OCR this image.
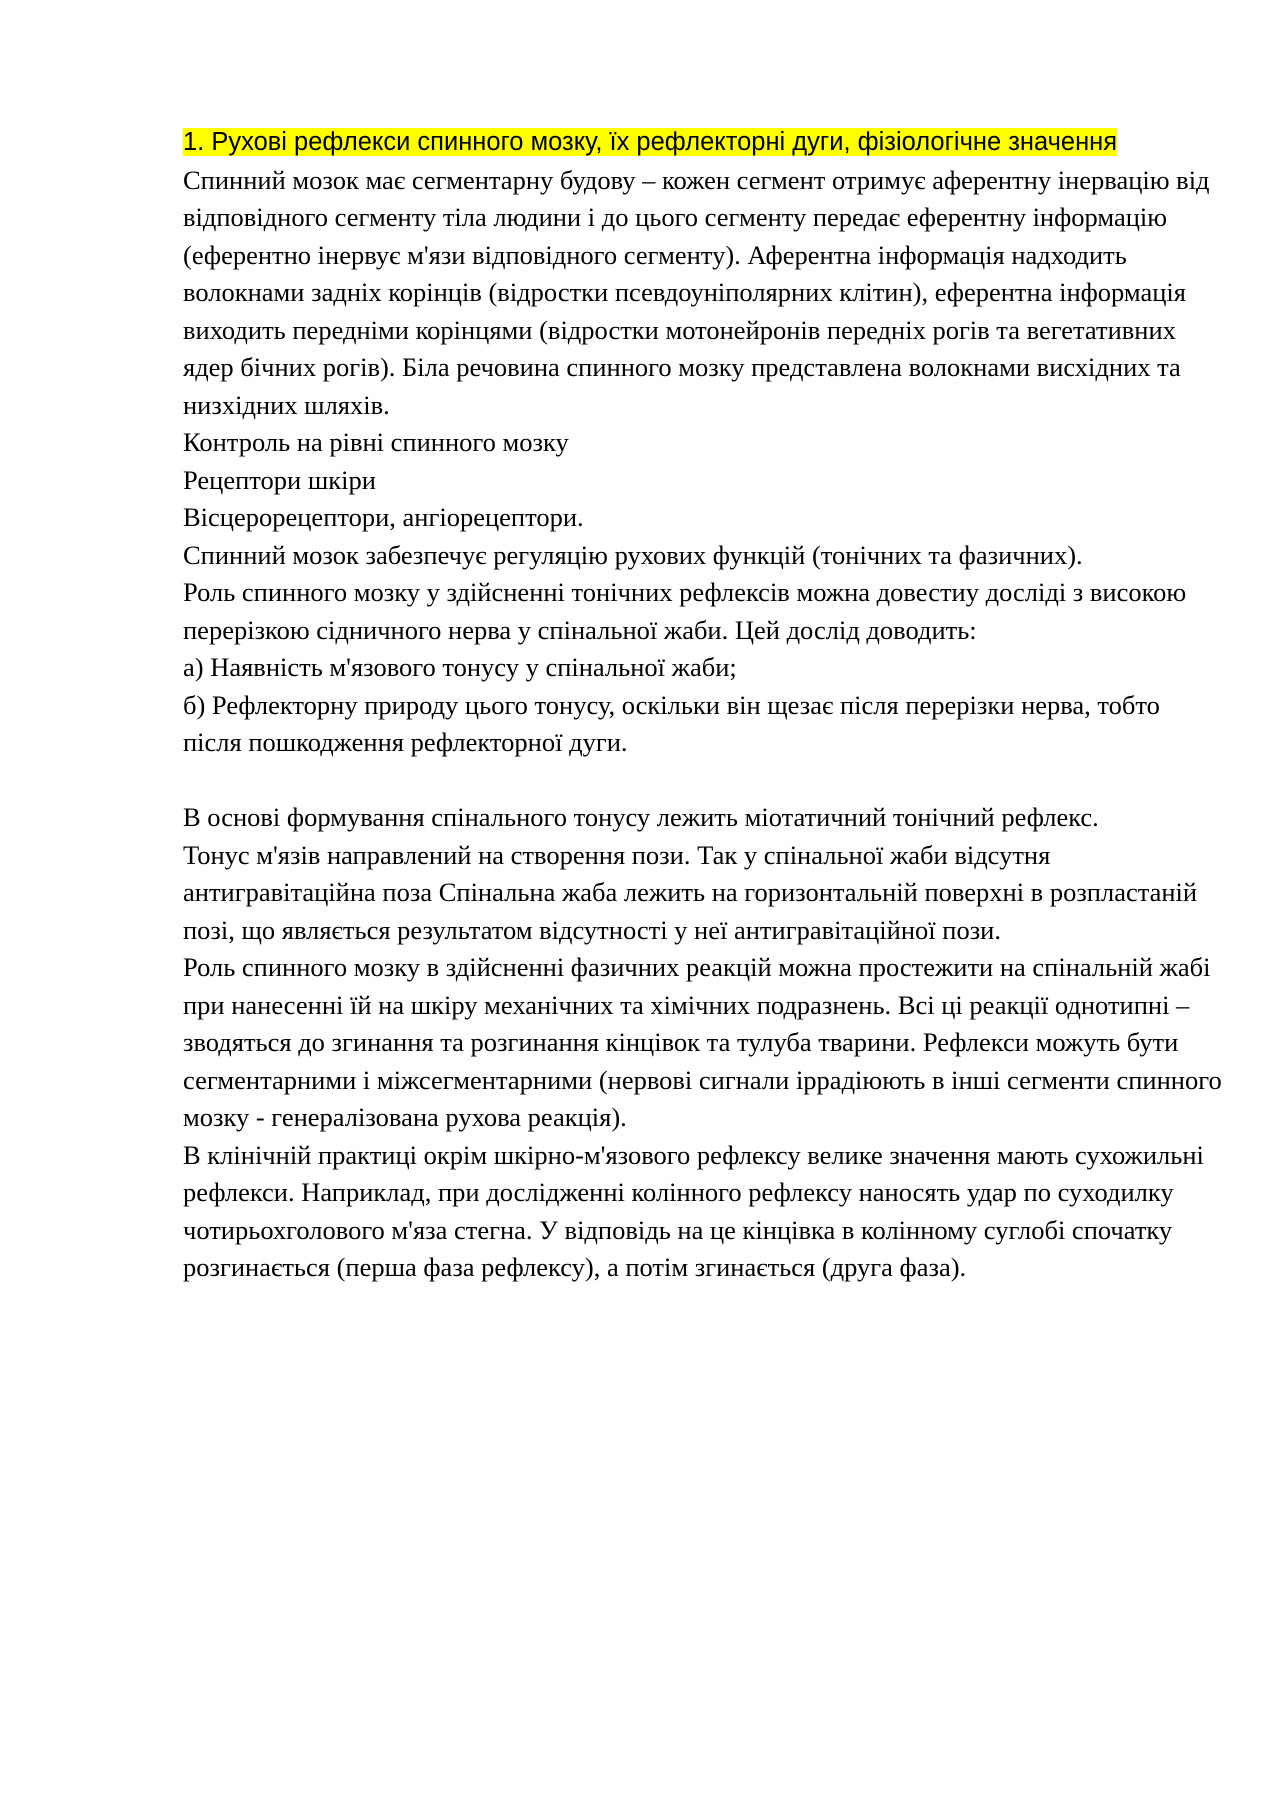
1. Рухові рефлекси спинного мозку, їх рефлекторні дуги, фізіологічне значення

Спинний мозок має сегментарну будову – кожен сегмент отримує аферентну інервацію від відповідного сегменту тіла людини і до цього сегменту передає еферентну інформацію (еферентно інервує м'язи відповідного сегменту). Аферентна інформація надходить волокнами задніх корінців (відростки псевдоуніполярних клітин), еферентна інформація виходить передніми корінцями (відростки мотонейронів передніх рогів та вегетативних ядер бічних рогів). Біла речовина спинного мозку представлена волокнами висхідних та низхідних шляхів.

Контроль на рівні спинного мозку

Рецептори шкіри

Вісцерорецептори, ангіорецептори.

Спинний мозок забезпечує регуляцію рухових функцій (тонічних та фазичних).

Роль спинного мозку у здійсненні тонічних рефлексів можна довестиу досліді з високою перерізкою сідничного нерва у спінальної жаби. Цей дослід доводить:

а) Наявність м'язового тонусу у спінальної жаби;

б) Рефлекторну природу цього тонусу, оскільки він щезає після перерізки нерва, тобто після пошкодження рефлекторної дуги.

В основі формування спінального тонусу лежить міотатичний тонічний рефлекс.

Тонус м'язів направлений на створення пози. Так у спінальної жаби відсутня антигравітаційна поза Спінальна жаба лежить на горизонтальній поверхні в розпластаній позі, що являється результатом відсутності у неї антигравітаційної пози.

Роль спинного мозку в здійсненні фазичних реакцій можна простежити на спінальній жабі при нанесенні їй на шкіру механічних та хімічних подразнень. Всі ці реакції однотипні – зводяться до згинання та розгинання кінцівок та тулуба тварини. Рефлекси можуть бути сегментарними і міжсегментарними (нервові сигнали іррадіюють в інші сегменти спинного мозку - генералізована рухова реакція).

В клінічній практиці окрім шкірно-м'язового рефлексу велике значення мають сухожильні рефлекси. Наприклад, при дослідженні колінного рефлексу наносять удар по суходилку чотирьохголового м'яза стегна. У відповідь на це кінцівка в колінному суглобі спочатку розгинається (перша фаза рефлексу), а потім згинається (друга фаза).
